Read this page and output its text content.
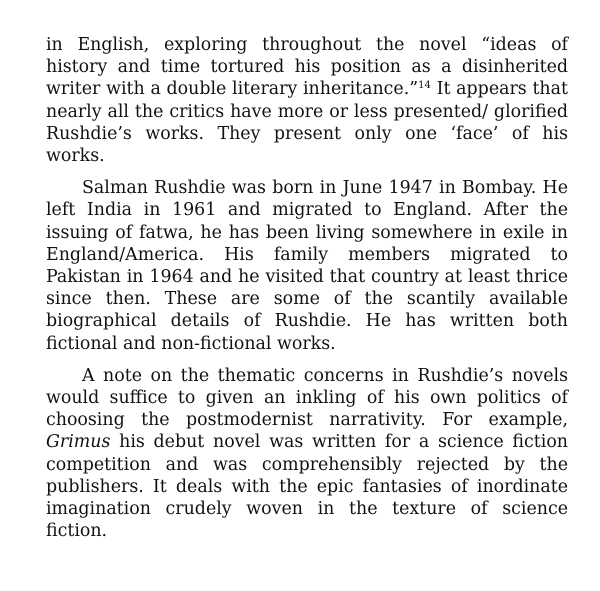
in English, exploring throughout the novel “ideas of history and time tortured his position as a disinherited writer with a double literary inheritance.”$^{14}$ It appears that nearly all the critics have more or less presented/ glorified Rushdie’s works. They present only one ‘face’ of his works.

Salman Rushdie was born in June 1947 in Bombay. He left India in 1961 and migrated to England. After the issuing of fatwa, he has been living somewhere in exile in England/America. His family members migrated to Pakistan in 1964 and he visited that country at least thrice since then. These are some of the scantily available biographical details of Rushdie. He has written both fictional and non-fictional works.

A note on the thematic concerns in Rushdie’s novels would suffice to given an inkling of his own politics of choosing the postmodernist narrativity. For example, Grimus his debut novel was written for a science fiction competition and was comprehensibly rejected by the publishers. It deals with the epic fantasies of inordinate imagination crudely woven in the texture of science fiction.
